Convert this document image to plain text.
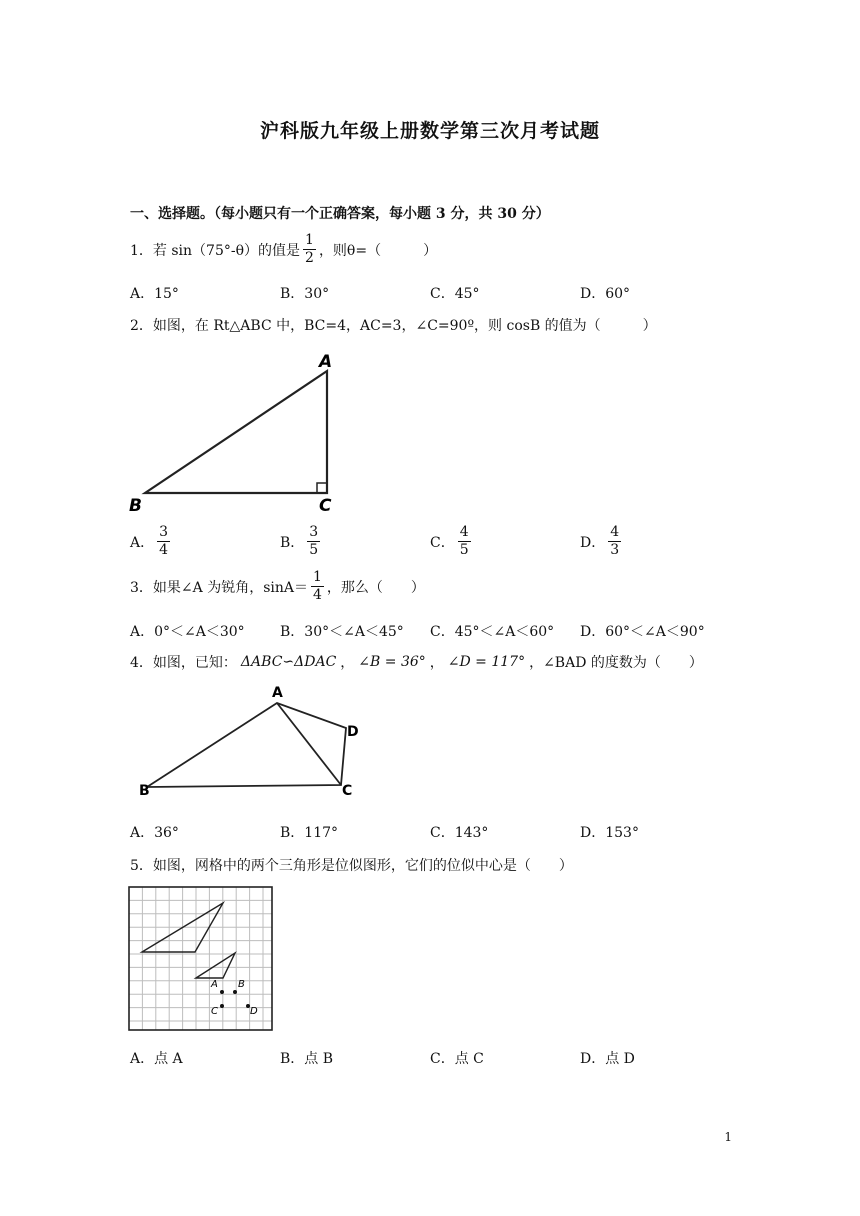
沪科版九年级上册数学第三次月考试题
一、选择题。（每小题只有一个正确答案，每小题 3 分，共 30 分）
1．若 sin（75°-θ）的值是 $\frac{1}{2}$ ，则θ=（　　　）
A．15°	B．30°	C．45°	D．60°
2．如图，在 Rt△ABC 中，BC=4，AC=3，∠C=90º，则 cosB 的值为（　　　）
A
B	C
A． $\frac{3}{4}$	B． $\frac{3}{5}$	C． $\frac{4}{5}$	D． $\frac{4}{3}$
3．如果∠A 为锐角，$\sin A= \frac{1}{4}$ ，那么（　　）
A．0°＜∠A＜30°	B．30°＜∠A＜45° C．45°＜∠A＜60° D．60°＜∠A＜90°
4．如图，已知： ΔABC∽ΔDAC ， ∠B = 36° ， ∠D = 117° ， ∠BAD 的度数为（　　）
A
B	C
D
A．36°	B．117°	C．143°	D．153°
5．如图，网格中的两个三角形是位似图形，它们的位似中心是（　　）
A B
C	D
A．点 A	B．点 B	C．点 C	D．点 D
1
